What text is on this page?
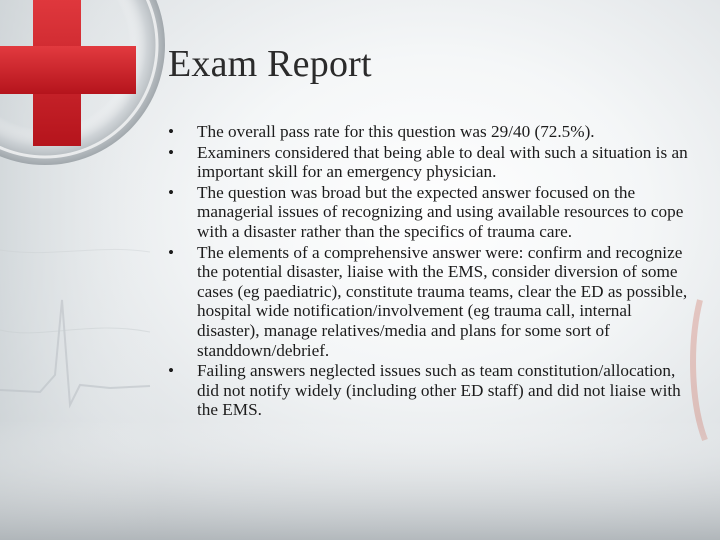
Exam Report
• The overall pass rate for this question was 29/40 (72.5%).
• Examiners considered that being able to deal with such a situation is an important skill for an emergency physician.
• The question was broad but the expected answer focused on the managerial issues of recognizing and using available resources to cope with a disaster rather than the specifics of trauma care.
• The elements of a comprehensive answer were: confirm and recognize the potential disaster, liaise with the EMS, consider diversion of some cases (eg paediatric), constitute trauma teams, clear the ED as possible, hospital wide notification/involvement (eg trauma call, internal disaster), manage relatives/media and plans for some sort of standdown/debrief.
• Failing answers neglected issues such as team constitution/allocation, did not notify widely (including other ED staff) and did not liaise with the EMS.
